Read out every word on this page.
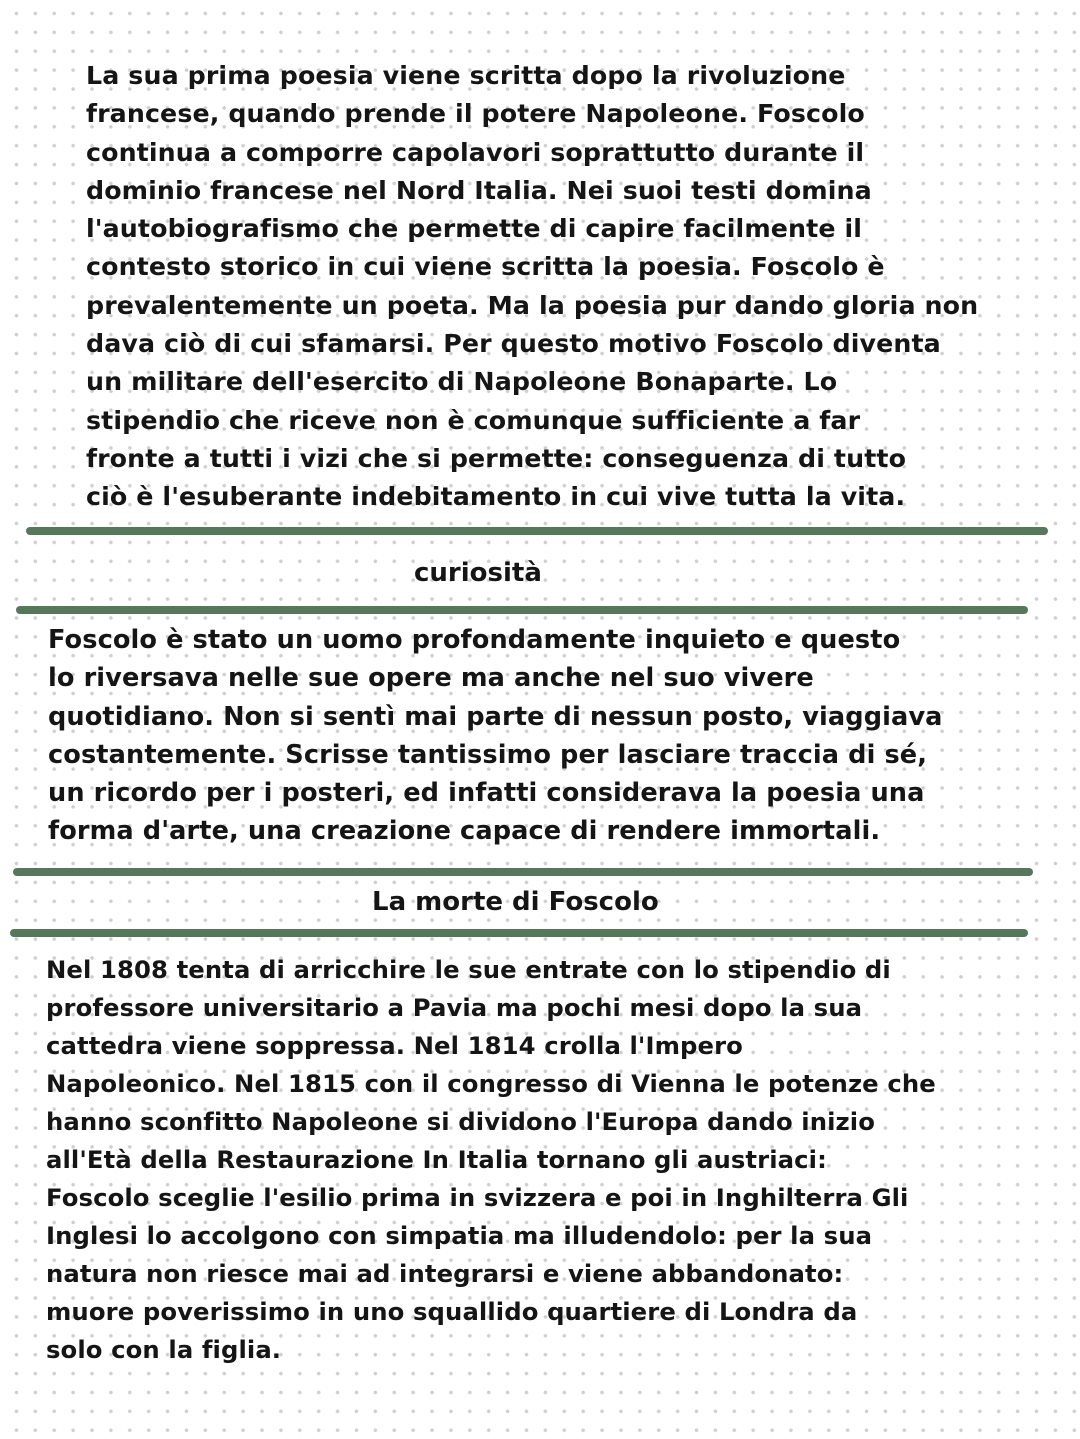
La sua prima poesia viene scritta dopo la rivoluzione
francese, quando prende il potere Napoleone. Foscolo
continua a comporre capolavori soprattutto durante il
dominio francese nel Nord Italia. Nei suoi testi domina
l'autobiografismo che permette di capire facilmente il
contesto storico in cui viene scritta la poesia. Foscolo è
prevalentemente un poeta. Ma la poesia pur dando gloria non
dava ciò di cui sfamarsi. Per questo motivo Foscolo diventa
un militare dell'esercito di Napoleone Bonaparte. Lo
stipendio che riceve non è comunque sufficiente a far
fronte a tutti i vizi che si permette: conseguenza di tutto
ciò è l'esuberante indebitamento in cui vive tutta la vita.
curiosità
Foscolo è stato un uomo profondamente inquieto e questo
lo riversava nelle sue opere ma anche nel suo vivere
quotidiano. Non si sentì mai parte di nessun posto, viaggiava
costantemente. Scrisse tantissimo per lasciare traccia di sé,
un ricordo per i posteri, ed infatti considerava la poesia una
forma d'arte, una creazione capace di rendere immortali.
La morte di Foscolo
Nel 1808 tenta di arricchire le sue entrate con lo stipendio di
professore universitario a Pavia ma pochi mesi dopo la sua
cattedra viene soppressa. Nel 1814 crolla l'Impero
Napoleonico. Nel 1815 con il congresso di Vienna le potenze che
hanno sconfitto Napoleone si dividono l'Europa dando inizio
all'Età della Restaurazione In Italia tornano gli austriaci:
Foscolo sceglie l'esilio prima in svizzera e poi in Inghilterra Gli
Inglesi lo accolgono con simpatia ma illudendolo: per la sua
natura non riesce mai ad integrarsi e viene abbandonato:
muore poverissimo in uno squallido quartiere di Londra da
solo con la figlia.
